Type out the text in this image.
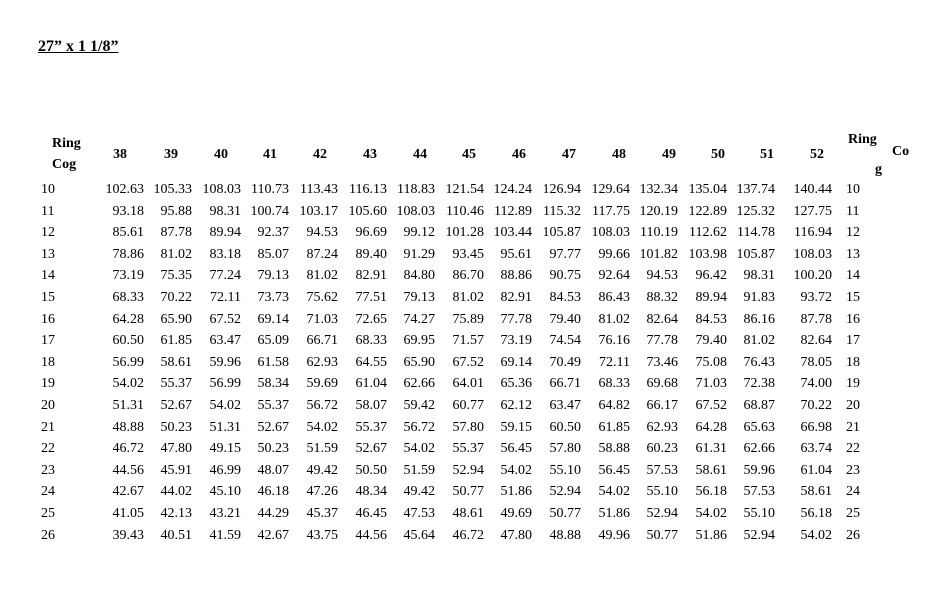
27” x 1 1/8”
Ring
Cog
38	39	40	41	42	43	44	45	46	47	48	49	50	51	52
Ring
Co
g
10	102.63 105.33 108.03 110.73 113.43 116.13 118.83 121.54 124.24 126.94 129.64 132.34 135.04 137.74 140.44 10
11	93.18 95.88 98.31 100.74 103.17 105.60 108.03 110.46 112.89 115.32 117.75 120.19 122.89 125.32 127.75 11
12	85.61 87.78 89.94 92.37 94.53 96.69 99.12 101.28 103.44 105.87 108.03 110.19 112.62 114.78 116.94 12
13	78.86 81.02 83.18 85.07 87.24 89.40 91.29 93.45 95.61 97.77 99.66 101.82 103.98 105.87 108.03 13
14	73.19 75.35 77.24 79.13 81.02 82.91 84.80 86.70 88.86 90.75 92.64 94.53 96.42 98.31 100.20 14
15	68.33 70.22 72.11 73.73 75.62 77.51 79.13 81.02 82.91 84.53 86.43 88.32 89.94 91.83 93.72 15
16	64.28 65.90 67.52 69.14 71.03 72.65 74.27 75.89 77.78 79.40 81.02 82.64 84.53 86.16 87.78 16
17	60.50 61.85 63.47 65.09 66.71 68.33 69.95 71.57 73.19 74.54 76.16 77.78 79.40 81.02 82.64 17
18	56.99 58.61 59.96 61.58 62.93 64.55 65.90 67.52 69.14 70.49 72.11 73.46 75.08 76.43 78.05 18
19	54.02 55.37 56.99 58.34 59.69 61.04 62.66 64.01 65.36 66.71 68.33 69.68 71.03 72.38 74.00 19
20	51.31 52.67 54.02 55.37 56.72 58.07 59.42 60.77 62.12 63.47 64.82 66.17 67.52 68.87 70.22 20
21	48.88 50.23 51.31 52.67 54.02 55.37 56.72 57.80 59.15 60.50 61.85 62.93 64.28 65.63 66.98 21
22	46.72 47.80 49.15 50.23 51.59 52.67 54.02 55.37 56.45 57.80 58.88 60.23 61.31 62.66 63.74 22
23	44.56 45.91 46.99 48.07 49.42 50.50 51.59 52.94 54.02 55.10 56.45 57.53 58.61 59.96 61.04 23
24	42.67 44.02 45.10 46.18 47.26 48.34 49.42 50.77 51.86 52.94 54.02 55.10 56.18 57.53 58.61 24
25	41.05 42.13 43.21 44.29 45.37 46.45 47.53 48.61 49.69 50.77 51.86 52.94 54.02 55.10 56.18 25
26	39.43 40.51 41.59 42.67 43.75 44.56 45.64 46.72 47.80 48.88 49.96 50.77 51.86 52.94 54.02 26
